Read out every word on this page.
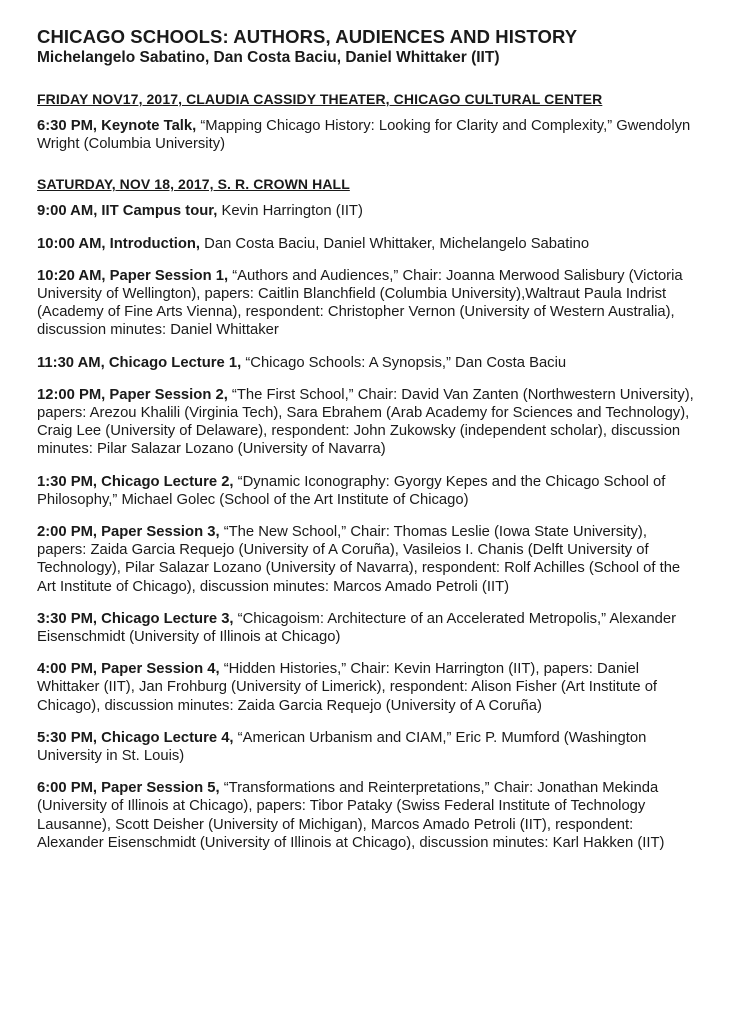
CHICAGO SCHOOLS: AUTHORS, AUDIENCES AND HISTORY

Michelangelo Sabatino, Dan Costa Baciu, Daniel Whittaker (IIT)

FRIDAY NOV17, 2017, CLAUDIA CASSIDY THEATER, CHICAGO CULTURAL CENTER

6:30 PM, Keynote Talk, “Mapping Chicago History: Looking for Clarity and Complexity,” Gwendolyn Wright (Columbia University)

SATURDAY, NOV 18, 2017, S. R. CROWN HALL

9:00 AM, IIT Campus tour, Kevin Harrington (IIT)

10:00 AM, Introduction, Dan Costa Baciu, Daniel Whittaker, Michelangelo Sabatino

10:20 AM, Paper Session 1, “Authors and Audiences,” Chair: Joanna Merwood Salisbury (Victoria University of Wellington), papers: Caitlin Blanchfield (Columbia University),Waltraut Paula Indrist (Academy of Fine Arts Vienna), respondent: Christopher Vernon (University of Western Australia), discussion minutes: Daniel Whittaker

11:30 AM, Chicago Lecture 1, “Chicago Schools: A Synopsis,” Dan Costa Baciu

12:00 PM, Paper Session 2, “The First School,” Chair: David Van Zanten (Northwestern University), papers: Arezou Khalili (Virginia Tech), Sara Ebrahem (Arab Academy for Sciences and Technology), Craig Lee (University of Delaware), respondent: John Zukowsky (independent scholar), discussion minutes: Pilar Salazar Lozano (University of Navarra)

1:30 PM, Chicago Lecture 2, “Dynamic Iconography: Gyorgy Kepes and the Chicago School of Philosophy,” Michael Golec (School of the Art Institute of Chicago)

2:00 PM, Paper Session 3, “The New School,” Chair: Thomas Leslie (Iowa State University), papers: Zaida Garcia Requejo (University of A Coruña), Vasileios I. Chanis (Delft University of Technology), Pilar Salazar Lozano (University of Navarra), respondent: Rolf Achilles (School of the Art Institute of Chicago), discussion minutes: Marcos Amado Petroli (IIT)

3:30 PM, Chicago Lecture 3, “Chicagoism: Architecture of an Accelerated Metropolis,” Alexander Eisenschmidt (University of Illinois at Chicago)

4:00 PM, Paper Session 4, “Hidden Histories,” Chair: Kevin Harrington (IIT), papers: Daniel Whittaker (IIT), Jan Frohburg (University of Limerick), respondent: Alison Fisher (Art Institute of Chicago), discussion minutes: Zaida Garcia Requejo (University of A Coruña)

5:30 PM, Chicago Lecture 4, “American Urbanism and CIAM,” Eric P. Mumford (Washington University in St. Louis)

6:00 PM, Paper Session 5, “Transformations and Reinterpretations,” Chair: Jonathan Mekinda (University of Illinois at Chicago), papers: Tibor Pataky (Swiss Federal Institute of Technology Lausanne), Scott Deisher (University of Michigan), Marcos Amado Petroli (IIT), respondent: Alexander Eisenschmidt (University of Illinois at Chicago), discussion minutes: Karl Hakken (IIT)
